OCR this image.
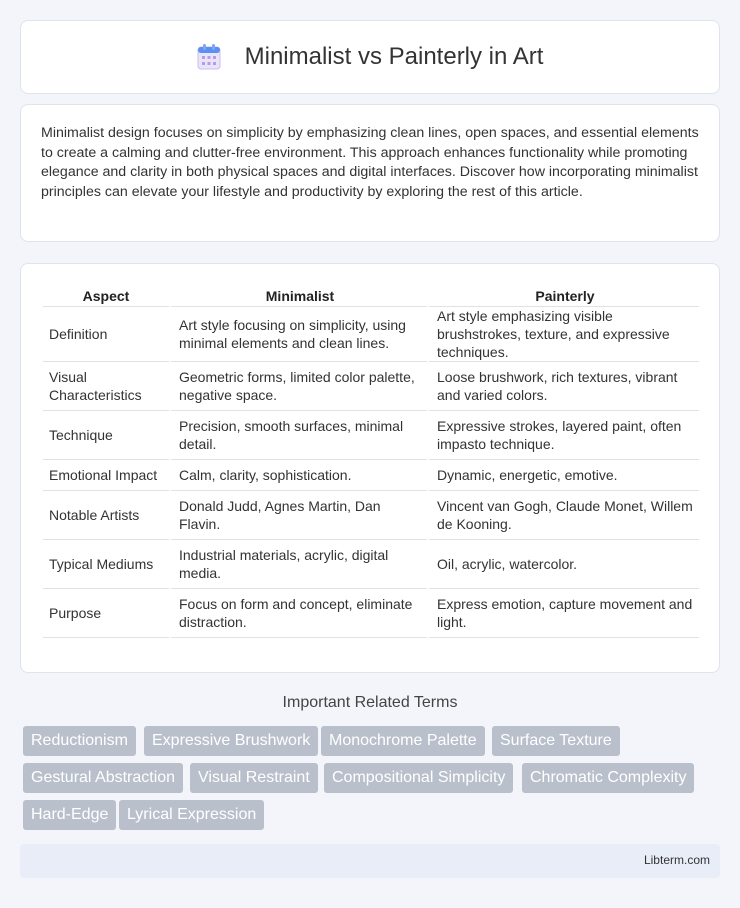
Minimalist vs Painterly in Art

Minimalist design focuses on simplicity by emphasizing clean lines, open spaces, and essential elements to create a calming and clutter-free environment. This approach enhances functionality while promoting elegance and clarity in both physical spaces and digital interfaces. Discover how incorporating minimalist principles can elevate your lifestyle and productivity by exploring the rest of this article.

Aspect	Minimalist	Painterly
Definition	Art style focusing on simplicity, using minimal elements and clean lines.	Art style emphasizing visible brushstrokes, texture, and expressive techniques.
Visual Characteristics	Geometric forms, limited color palette, negative space.	Loose brushwork, rich textures, vibrant and varied colors.
Technique	Precision, smooth surfaces, minimal detail.	Expressive strokes, layered paint, often impasto technique.
Emotional Impact	Calm, clarity, sophistication.	Dynamic, energetic, emotive.
Notable Artists	Donald Judd, Agnes Martin, Dan Flavin.	Vincent van Gogh, Claude Monet, Willem de Kooning.
Typical Mediums	Industrial materials, acrylic, digital media.	Oil, acrylic, watercolor.
Purpose	Focus on form and concept, eliminate distraction.	Express emotion, capture movement and light.
Important Related Terms
Reductionism	Expressive Brushwork	Monochrome Palette	Surface Texture
Gestural Abstraction	Visual Restraint	Compositional Simplicity	Chromatic Complexity
Hard-Edge	Lyrical Expression
Libterm.com
